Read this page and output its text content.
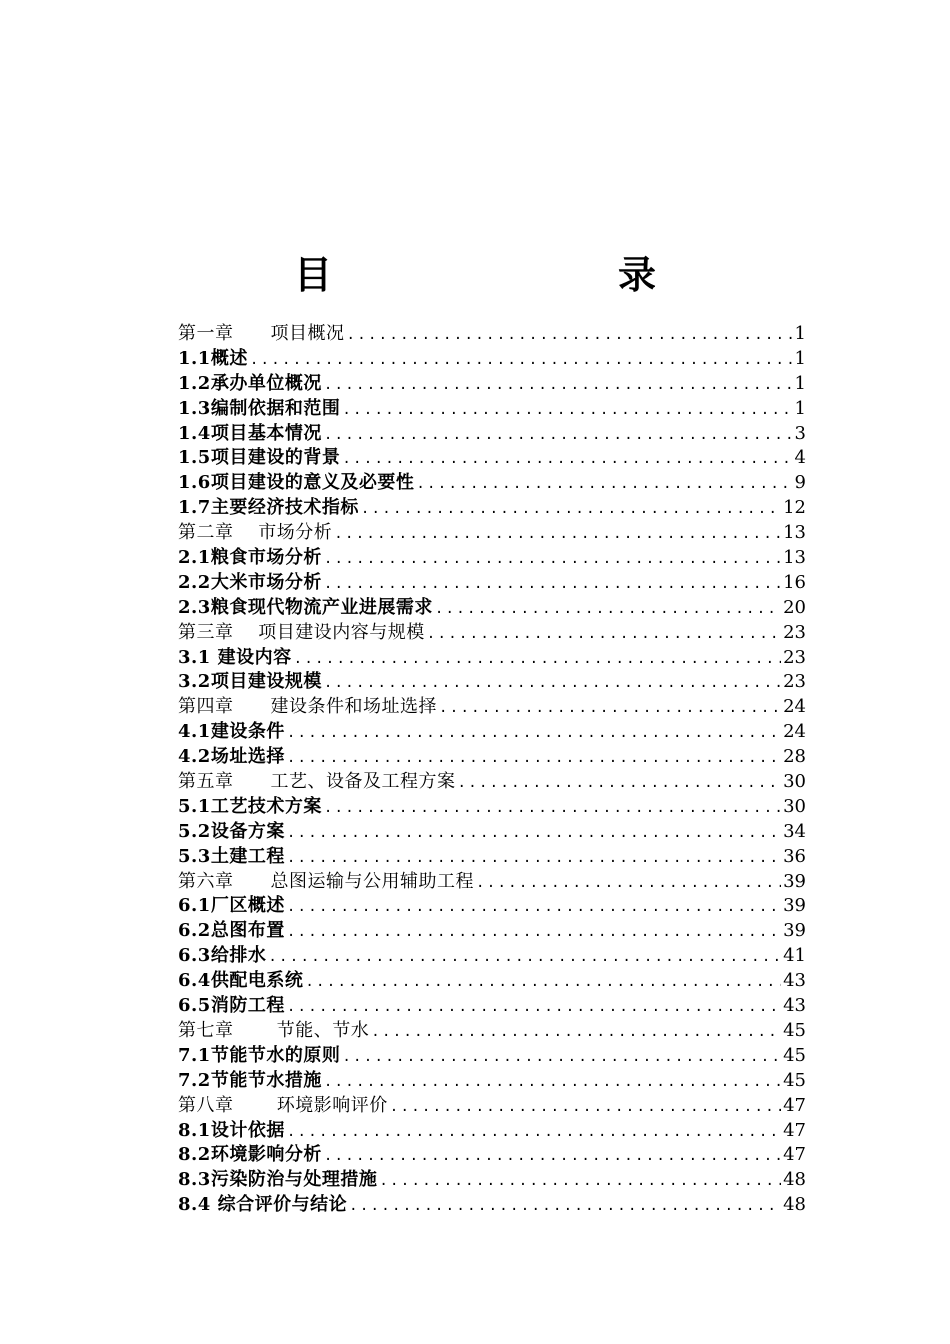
目　　录
第一章　　项目概况 .....	1
1.1概述 .....	1
1.2承办单位概况 .....	1
1.3编制依据和范围 .....	1
1.4项目基本情况 .....	3
1.5项目建设的背景 .....	4
1.6项目建设的意义及必要性 .....	9
1.7主要经济技术指标 .....	12
第二章　 市场分析 .....	13
2.1粮食市场分析 .....	13
2.2大米市场分析 .....	16
2.3粮食现代物流产业进展需求 .....	20
第三章　 项目建设内容与规模 .....	23
3.1 建设内容 .....	23
3.2项目建设规模 .....	23
第四章　　建设条件和场址选择 .....	24
4.1建设条件 .....	24
4.2场址选择 .....	28
第五章　　工艺、设备及工程方案 .....	30
5.1工艺技术方案 .....	30
5.2设备方案 .....	34
5.3土建工程 .....	36
第六章　　总图运输与公用辅助工程 .....	39
6.1厂区概述 .....	39
6.2总图布置 .....	39
6.3给排水 .....	41
6.4供配电系统 .....	43
6.5消防工程 .....	43
第七章　　 节能、节水 .....	45
7.1节能节水的原则 .....	45
7.2节能节水措施 .....	45
第八章　　 环境影响评价 .....	47
8.1设计依据 .....	47
8.2环境影响分析 .....	47
8.3污染防治与处理措施 .....	48
8.4 综合评价与结论 .....	48
